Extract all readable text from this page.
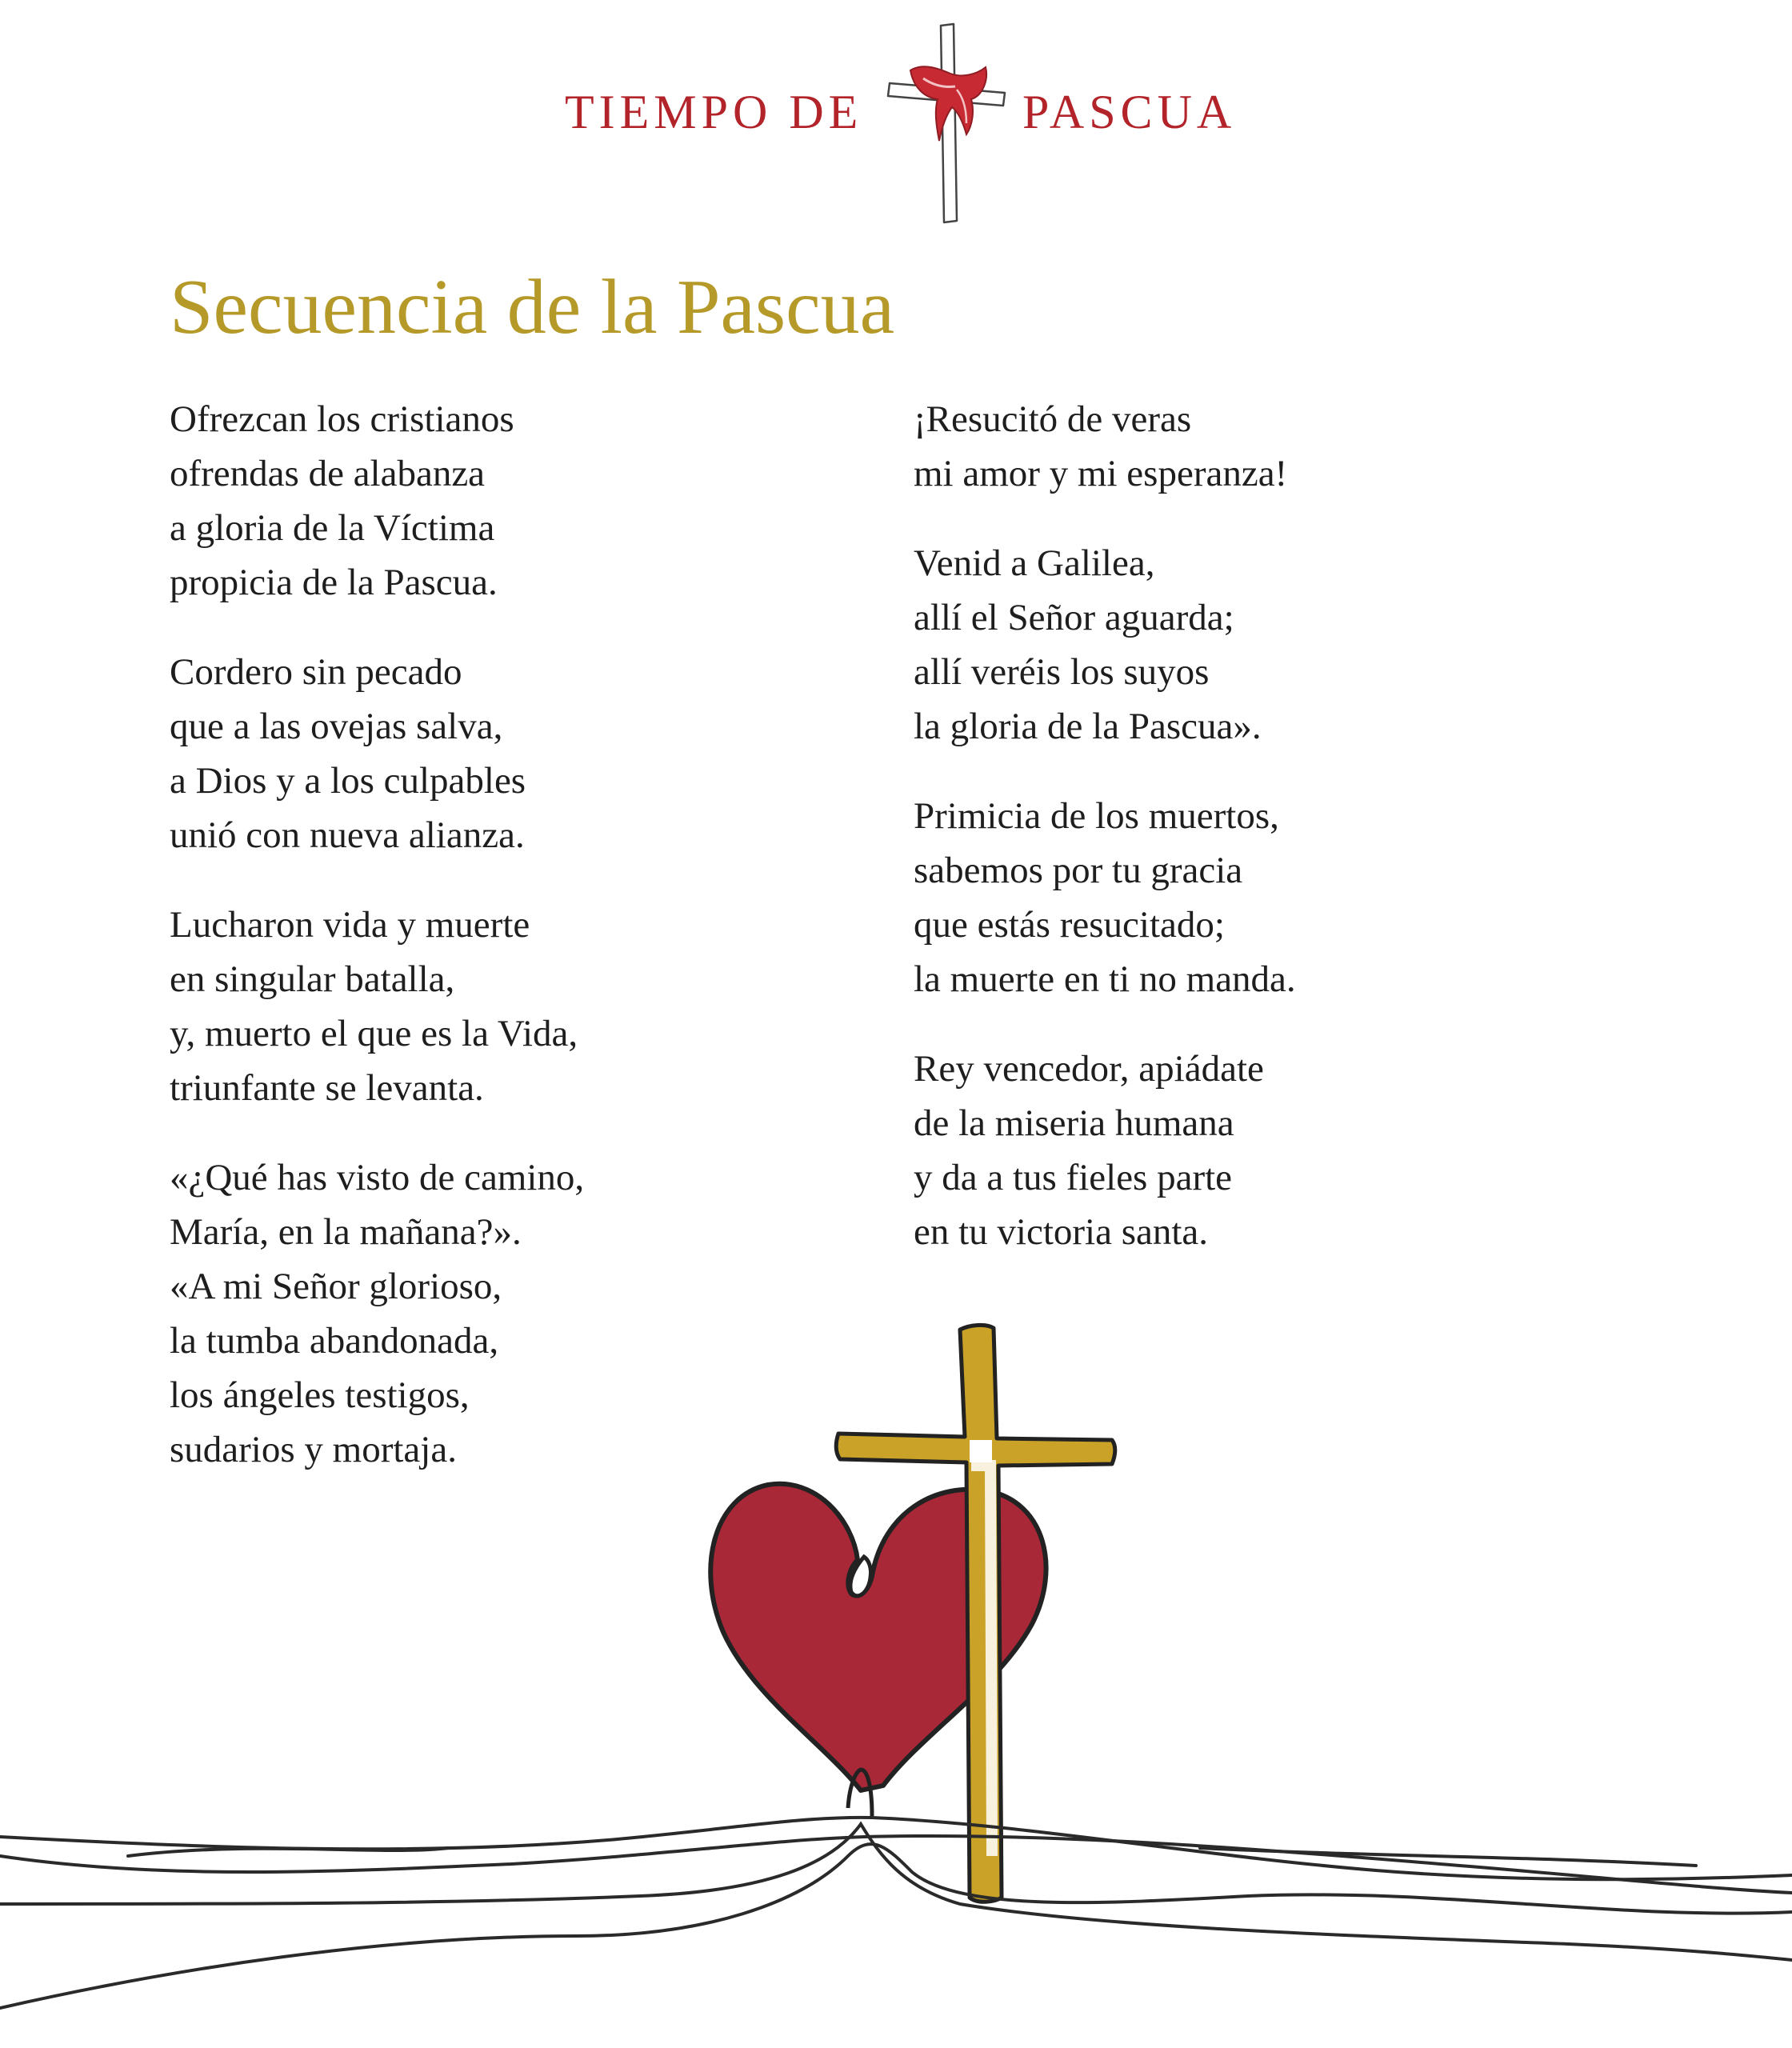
TIEMPO DE	PASCUA
Secuencia de la Pascua
Ofrezcan los cristianos
ofrendas de alabanza
a gloria de la Víctima
propicia de la Pascua.
Cordero sin pecado
que a las ovejas salva,
a Dios y a los culpables
unió con nueva alianza.
Lucharon vida y muerte
en singular batalla,
y, muerto el que es la Vida,
triunfante se levanta.
«¿Qué has visto de camino,
María, en la mañana?».
«A mi Señor glorioso,
la tumba abandonada,
los ángeles testigos,
sudarios y mortaja.
¡Resucitó de veras
mi amor y mi esperanza!
Venid a Galilea,
allí el Señor aguarda;
allí veréis los suyos
la gloria de la Pascua».
Primicia de los muertos,
sabemos por tu gracia
que estás resucitado;
la muerte en ti no manda.
Rey vencedor, apiádate
de la miseria humana
y da a tus fieles parte
en tu victoria santa.
